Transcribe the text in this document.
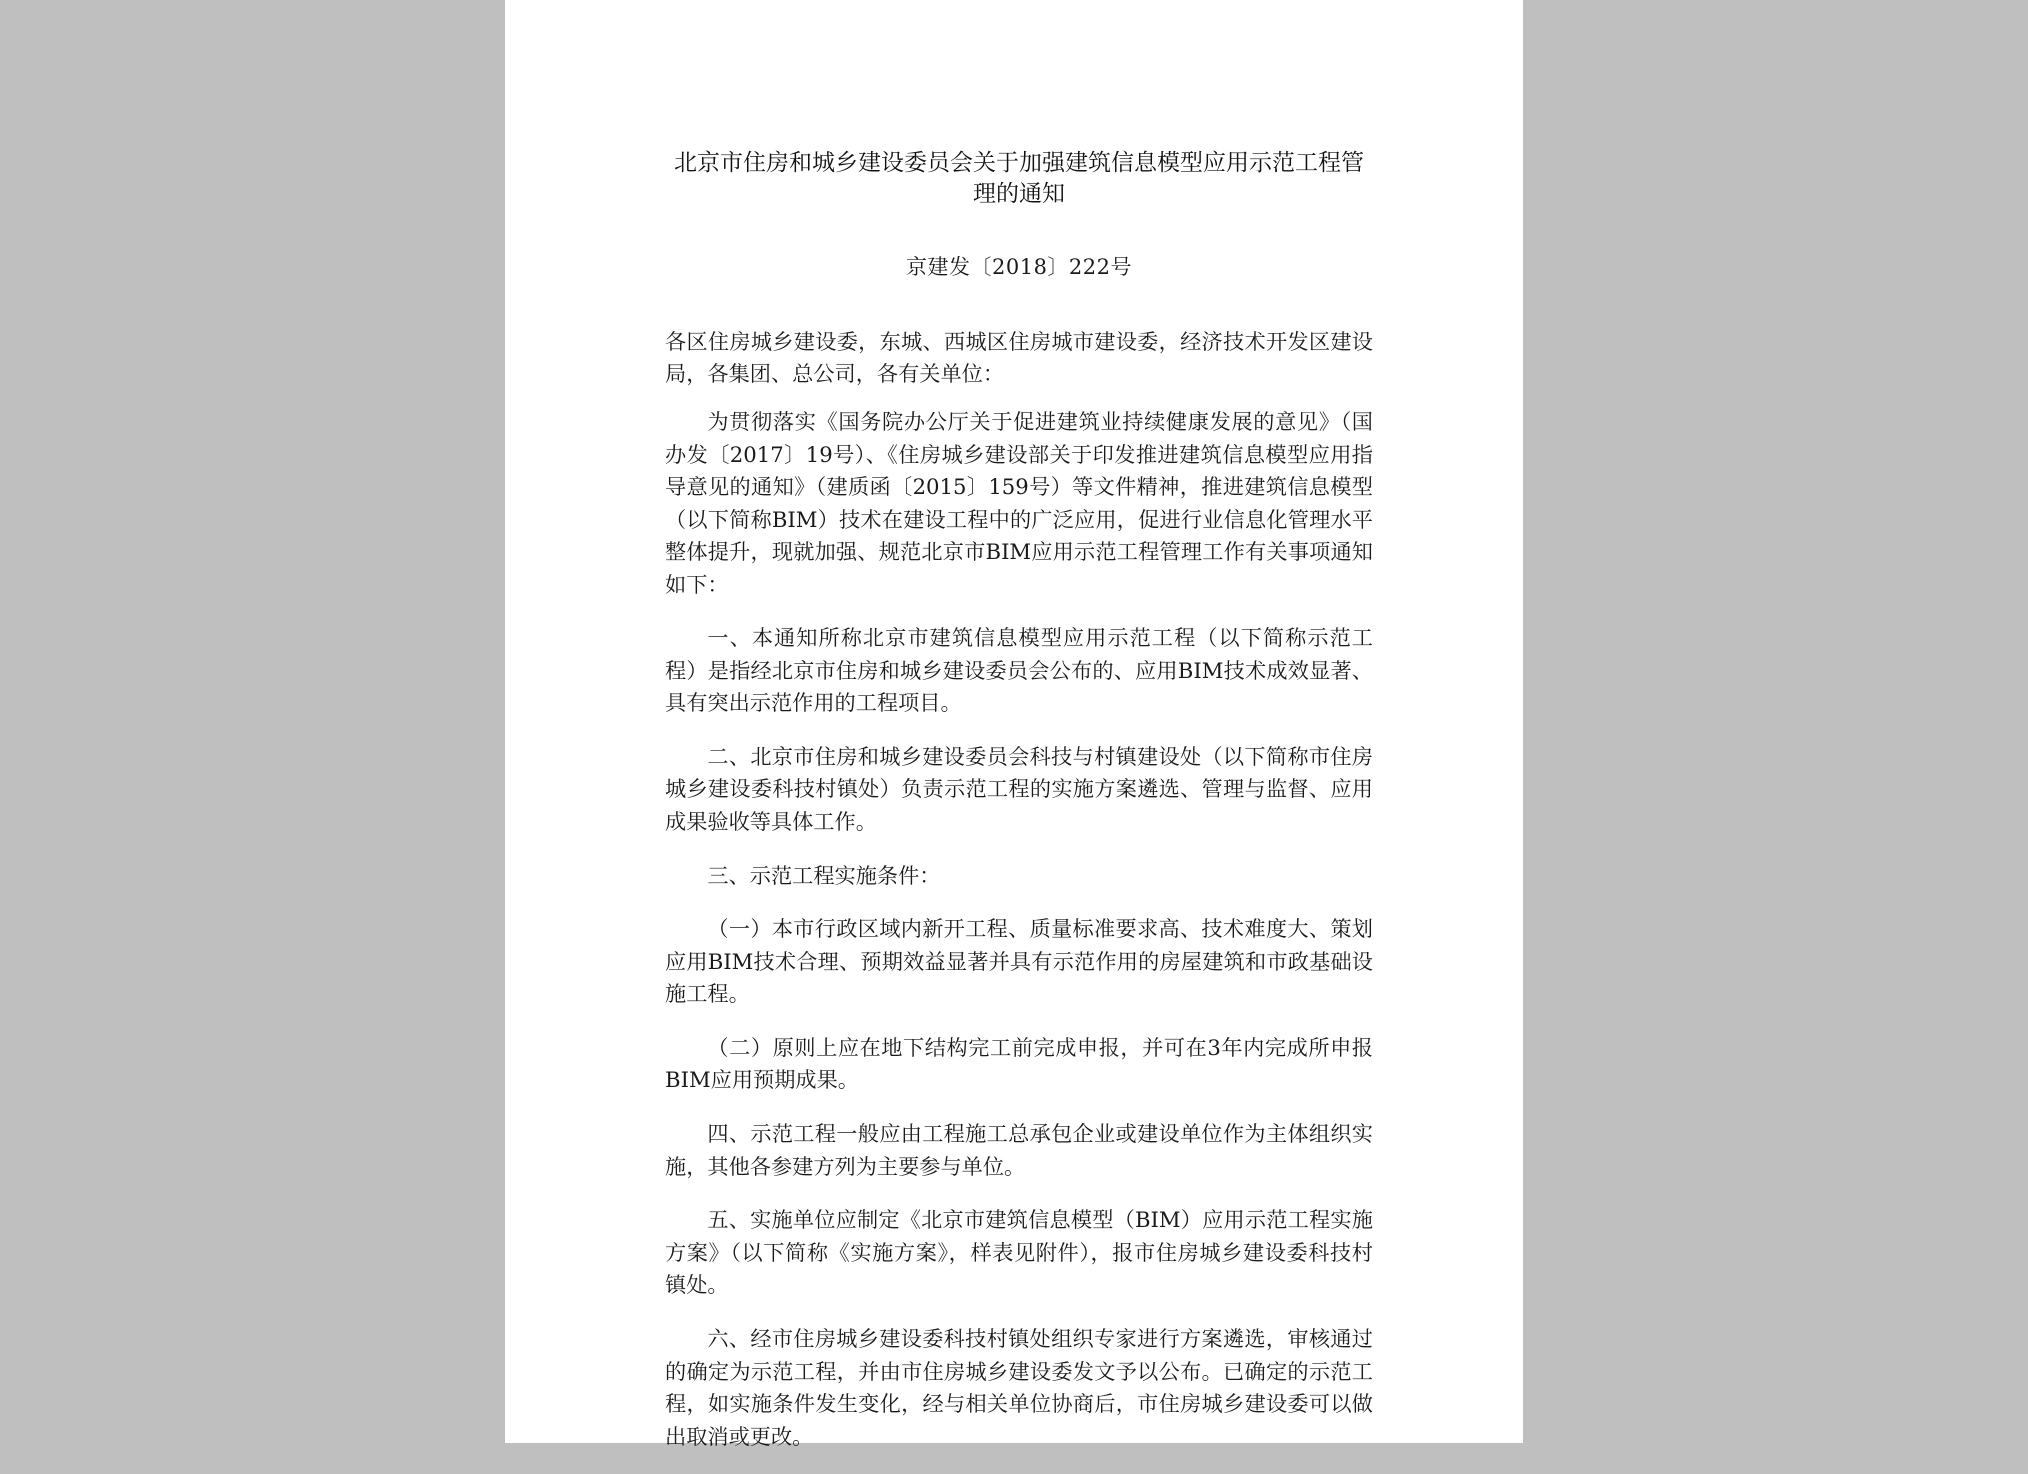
北京市住房和城乡建设委员会关于加强建筑信息模型应用示范工程管理的通知
京建发〔2018〕222号
各区住房城乡建设委，东城、西城区住房城市建设委，经济技术开发区建设局，各集团、总公司，各有关单位：

为贯彻落实《国务院办公厅关于促进建筑业持续健康发展的意见》（国办发〔2017〕19号）、《住房城乡建设部关于印发推进建筑信息模型应用指导意见的通知》（建质函〔2015〕159号）等文件精神，推进建筑信息模型（以下简称BIM）技术在建设工程中的广泛应用，促进行业信息化管理水平整体提升，现就加强、规范北京市BIM应用示范工程管理工作有关事项通知如下：

一、本通知所称北京市建筑信息模型应用示范工程（以下简称示范工程）是指经北京市住房和城乡建设委员会公布的、应用BIM技术成效显著、具有突出示范作用的工程项目。

二、北京市住房和城乡建设委员会科技与村镇建设处（以下简称市住房城乡建设委科技村镇处）负责示范工程的实施方案遴选、管理与监督、应用成果验收等具体工作。

三、示范工程实施条件：

（一）本市行政区域内新开工程、质量标准要求高、技术难度大、策划应用BIM技术合理、预期效益显著并具有示范作用的房屋建筑和市政基础设施工程。

（二）原则上应在地下结构完工前完成申报，并可在3年内完成所申报BIM应用预期成果。

四、示范工程一般应由工程施工总承包企业或建设单位作为主体组织实施，其他各参建方列为主要参与单位。

五、实施单位应制定《北京市建筑信息模型（BIM）应用示范工程实施方案》（以下简称《实施方案》，样表见附件），报市住房城乡建设委科技村镇处。

六、经市住房城乡建设委科技村镇处组织专家进行方案遴选，审核通过的确定为示范工程，并由市住房城乡建设委发文予以公布。已确定的示范工程，如实施条件发生变化，经与相关单位协商后，市住房城乡建设委可以做出取消或更改。
